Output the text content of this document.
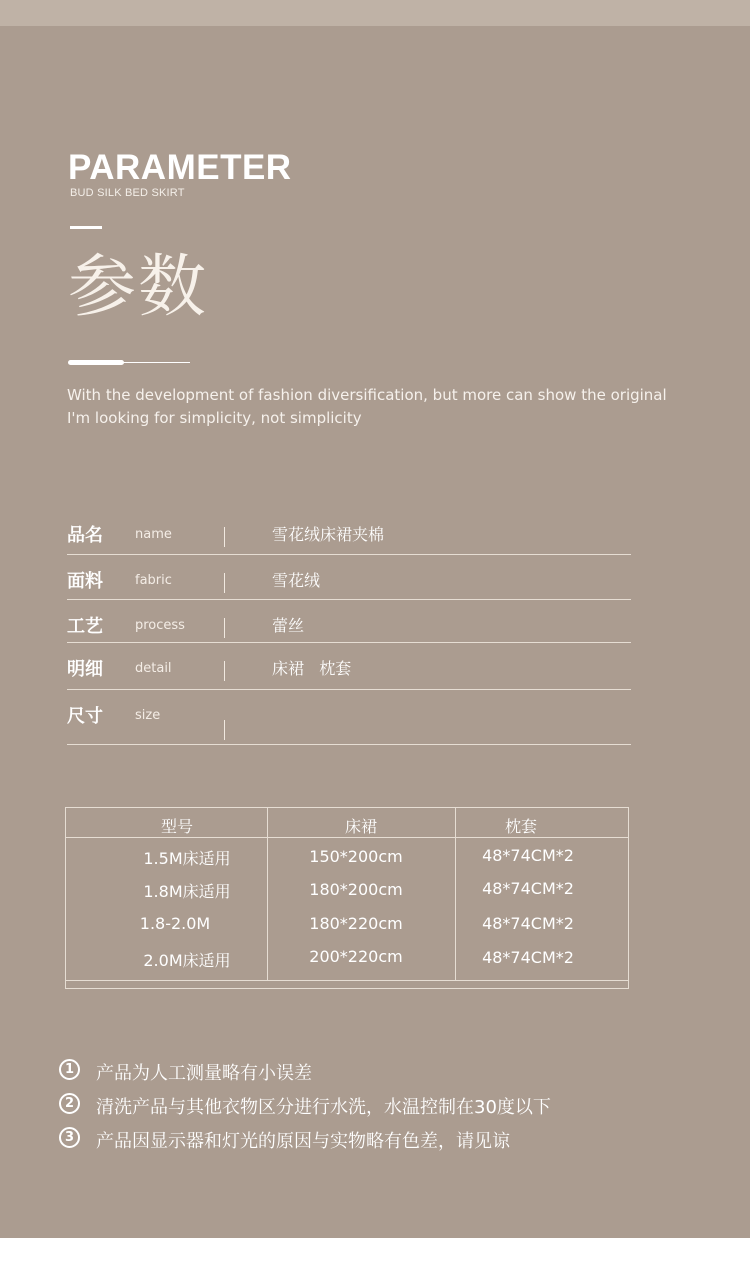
PARAMETER
BUD SILK BED SKIRT
参数
With the development of fashion diversification, but more can show the original
I'm looking for simplicity, not simplicity
品名 name	雪花绒床裙夹棉
面料 fabric	雪花绒
工艺 process	蕾丝
明细 detail	床裙   枕套
尺寸 size
型号	床裙	枕套
1.5M床适用	150*200cm	48*74CM*2
1.8M床适用	180*200cm	48*74CM*2
1.8-2.0M	180*220cm	48*74CM*2
2.0M床适用	200*220cm	48*74CM*2
1	产品为人工测量略有小误差
2	清洗产品与其他衣物区分进行水洗，水温控制在30度以下
3	产品因显示器和灯光的原因与实物略有色差，请见谅
